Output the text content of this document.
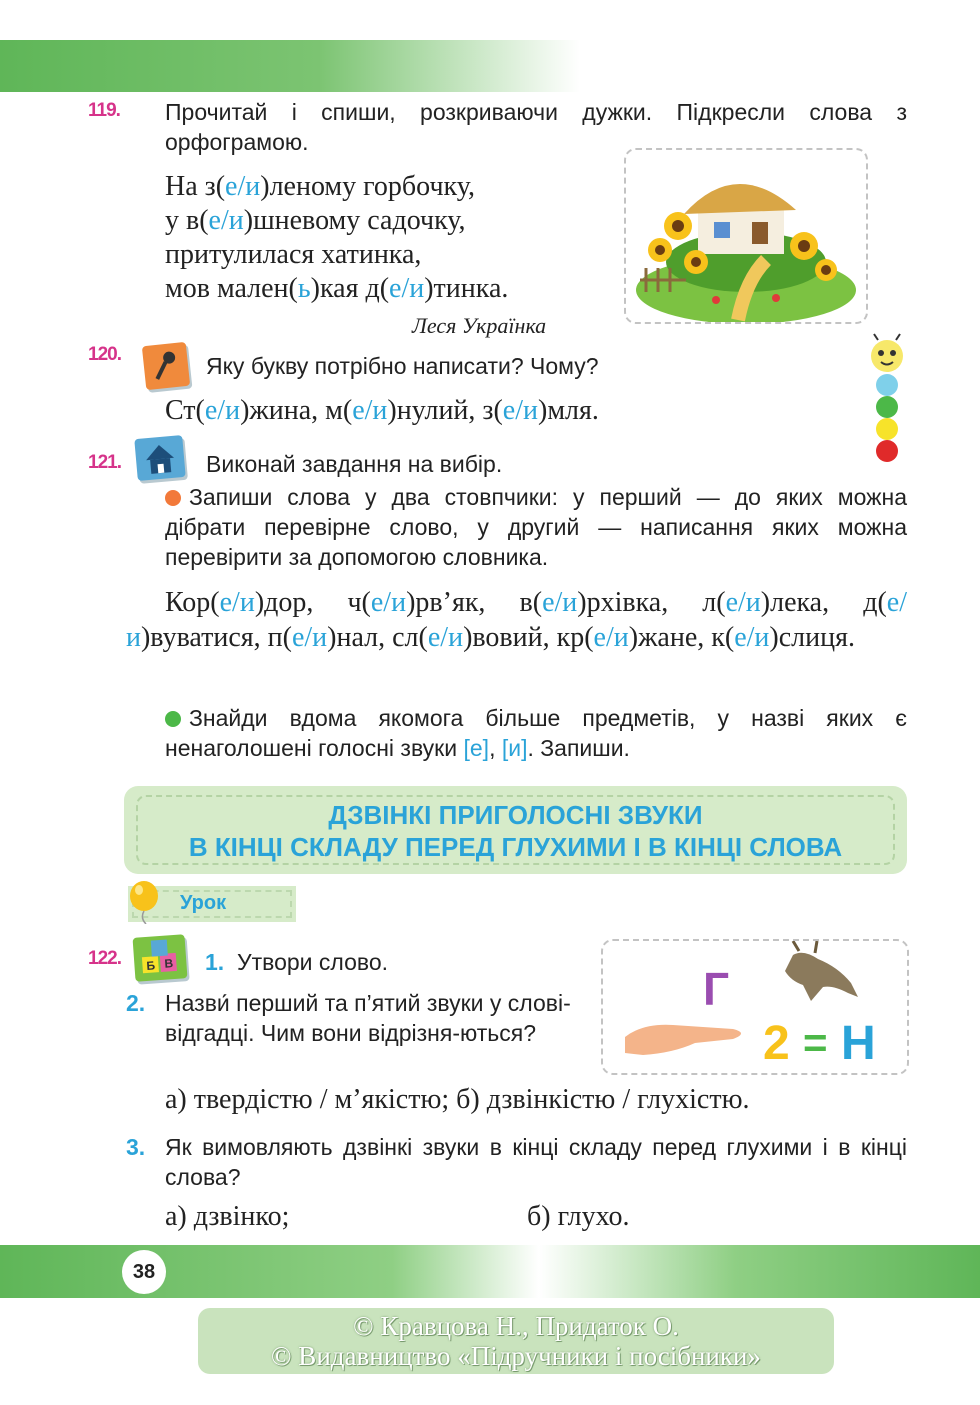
119. Прочитай і спиши, розкриваючи дужки. Підкресли слова з орфограмою.
На з(е/и)леному горбочку,
у в(е/и)шневому садочку,
притулилася хатинка,
мов мален(ь)кая д(е/и)тинка.
Леся Українка
120.	Яку букву потрібно написати? Чому?
Ст(е/и)жина, м(е/и)нулий, з(е/и)мля.
121.	Виконай завдання на вибір.
Запиши слова у два стовпчики: у перший — до яких можна дібрати перевірне слово, у другий — написання яких можна перевірити за допомогою словника.
Кор(е/и)дор, ч(е/и)рв’як, в(е/и)рхівка, л(е/и)лека, д(е/и)вуватися, п(е/и)нал, сл(е/и)вовий, кр(е/и)жане, к(е/и)слиця.
Знайди вдома якомога більше предметів, у назві яких є ненаголошені голосні звуки [е], [и]. Запиши.
ДЗВІНКІ ПРИГОЛОСНІ ЗВУКИ
В КІНЦІ СКЛАДУ ПЕРЕД ГЛУХИМИ І В КІНЦІ СЛОВА
Урок
122. Б В 1. Утвори слово.
2. Назви́ перший та п’ятий звуки у слові-відгадці. Чим вони відрізня-ються?
а) твердістю / м’якістю; б) дзвінкістю / глухістю.
Г
2 = Н
3. Як вимовляють дзвінкі звуки в кінці складу перед глухими і в кінці слова?
а) дзвінко;	б) глухо.
38
© Кравцова Н., Придаток О.
© Видавництво «Підручники і посібники»
